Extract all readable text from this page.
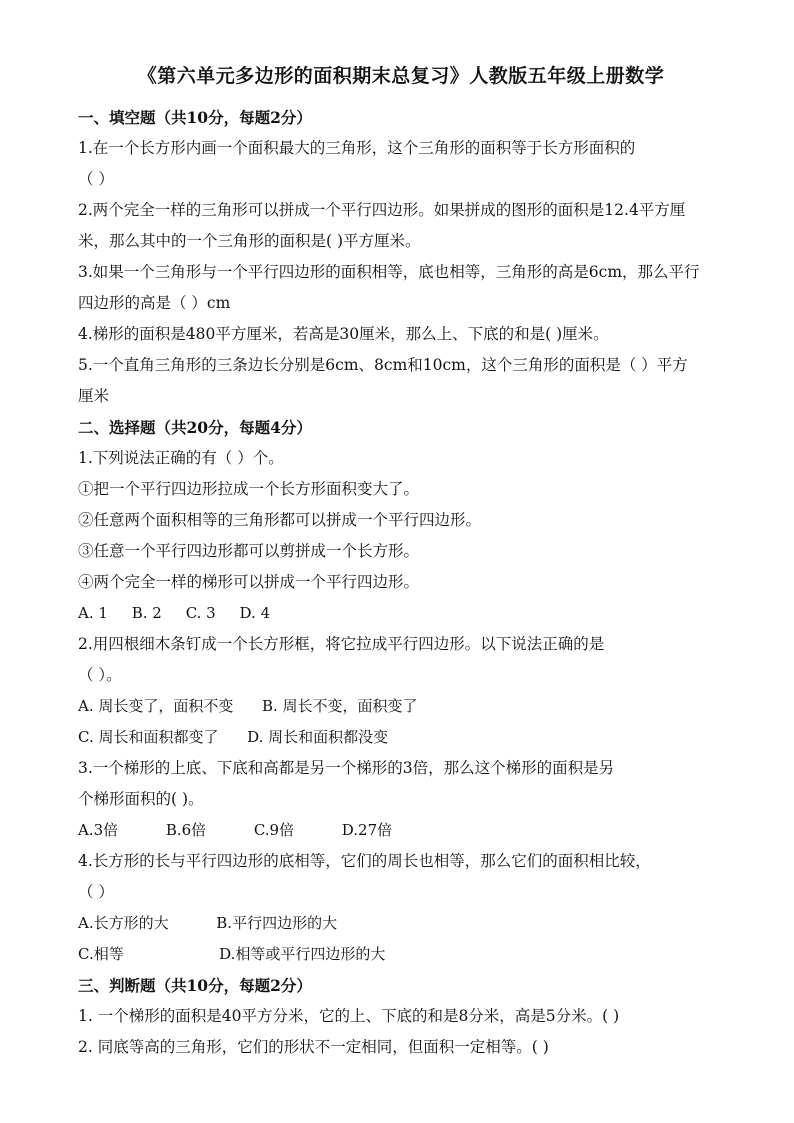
《第六单元多边形的面积期末总复习》人教版五年级上册数学

一、填空题（共10分，每题2分）

1.在一个长方形内画一个面积最大的三角形，这个三角形的面积等于长方形面积的

（ ）

2.两个完全一样的三角形可以拼成一个平行四边形。如果拼成的图形的面积是12.4平方厘

米，那么其中的一个三角形的面积是( )平方厘米。

3.如果一个三角形与一个平行四边形的面积相等，底也相等，三角形的高是6cm，那么平行

四边形的高是（ ）cm

4.梯形的面积是480平方厘米，若高是30厘米，那么上、下底的和是( )厘米。

5.一个直角三角形的三条边长分别是6cm、8cm和10cm，这个三角形的面积是（ ）平方

厘米

二、选择题（共20分，每题4分）

1.下列说法正确的有（ ）个。

①把一个平行四边形拉成一个长方形面积变大了。

②任意两个面积相等的三角形都可以拼成一个平行四边形。

③任意一个平行四边形都可以剪拼成一个长方形。

④两个完全一样的梯形可以拼成一个平行四边形。

A. 1     B. 2     C. 3     D. 4

2.用四根细木条钉成一个长方形框，将它拉成平行四边形。以下说法正确的是

（ ）。

A. 周长变了，面积不变      B. 周长不变，面积变了

C. 周长和面积都变了      D. 周长和面积都没变

3.一个梯形的上底、下底和高都是另一个梯形的3倍，那么这个梯形的面积是另

个梯形面积的( )。

A.3倍          B.6倍          C.9倍          D.27倍

4.长方形的长与平行四边形的底相等，它们的周长也相等，那么它们的面积相比较，

（ ）

A.长方形的大          B.平行四边形的大

C.相等                    D.相等或平行四边形的大

三、判断题（共10分，每题2分）

1. 一个梯形的面积是40平方分米，它的上、下底的和是8分米，高是5分米。( )

2. 同底等高的三角形，它们的形状不一定相同，但面积一定相等。( )
